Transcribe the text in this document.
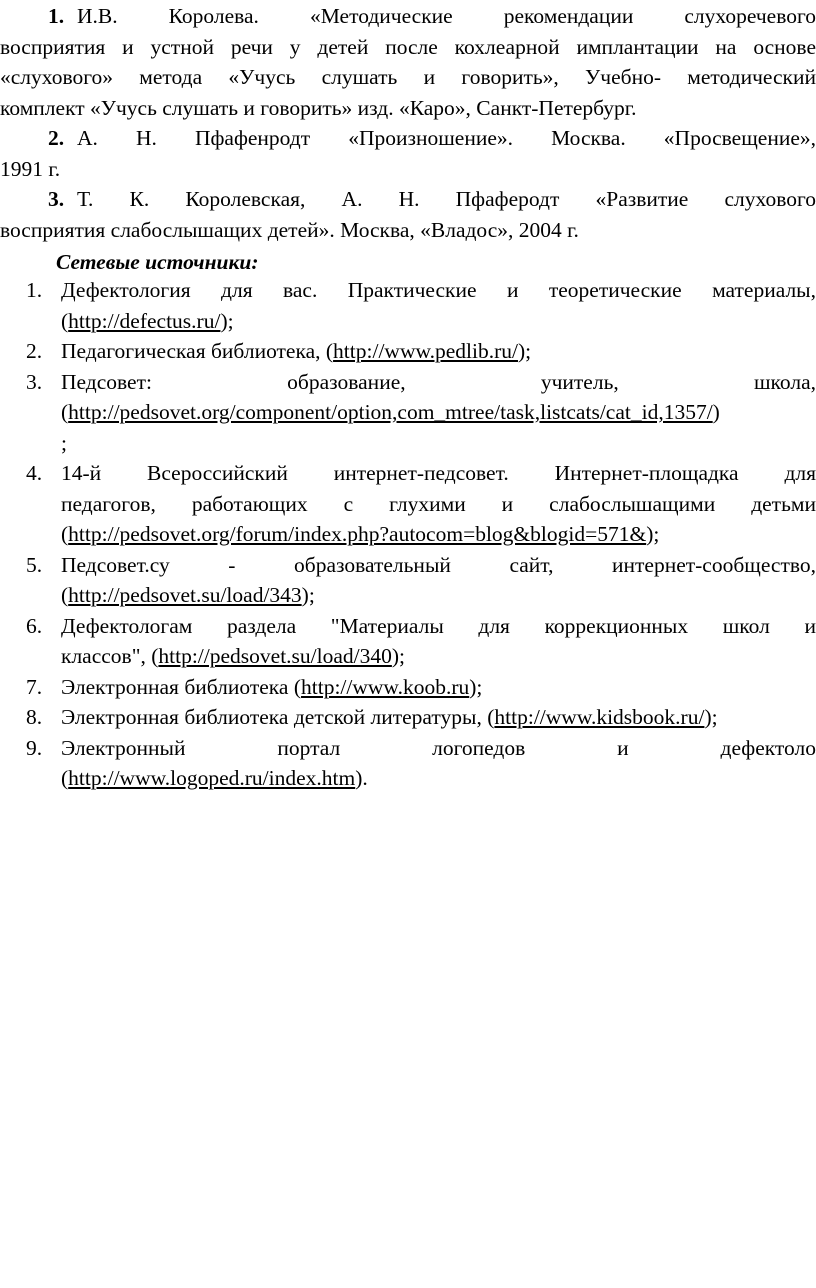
1. И.В. Королева. «Методические рекомендации слухоречевого
восприятия и устной речи у детей после кохлеарной имплантации на основе
«слухового» метода «Учусь слушать и говорить», Учебно- методический
комплект «Учусь слушать и говорить» изд. «Каро», Санкт-Петербург.
2. А. Н. Пфафенродт «Произношение». Москва. «Просвещение»,
1991 г.
3. Т. К. Королевская, А. Н. Пфаферодт «Развитие слухового
восприятия слабослышащих детей». Москва, «Владос», 2004 г.
Сетевые источники:
1. Дефектология для вас. Практические и теоретические материалы,
(http://defectus.ru/);
2. Педагогическая библиотека, (http://www.pedlib.ru/);
3. Педсовет: образование, учитель, школа,
(http://pedsovet.org/component/option,com_mtree/task,listcats/cat_id,1357/)
;
4. 14-й Всероссийский интернет-педсовет. Интернет-площадка для
педагогов, работающих с глухими и слабослышащими детьми
(http://pedsovet.org/forum/index.php?autocom=blog&blogid=571&);
5. Педсовет.су - образовательный сайт, интернет-сообщество,
(http://pedsovet.su/load/343);
6. Дефектологам раздела "Материалы для коррекционных школ и
классов", (http://pedsovet.su/load/340);
7. Электронная библиотека (http://www.koob.ru);
8. Электронная библиотека детской литературы, (http://www.kidsbook.ru/);
9. Электронный портал логопедов и дефектоло
(http://www.logoped.ru/index.htm).
